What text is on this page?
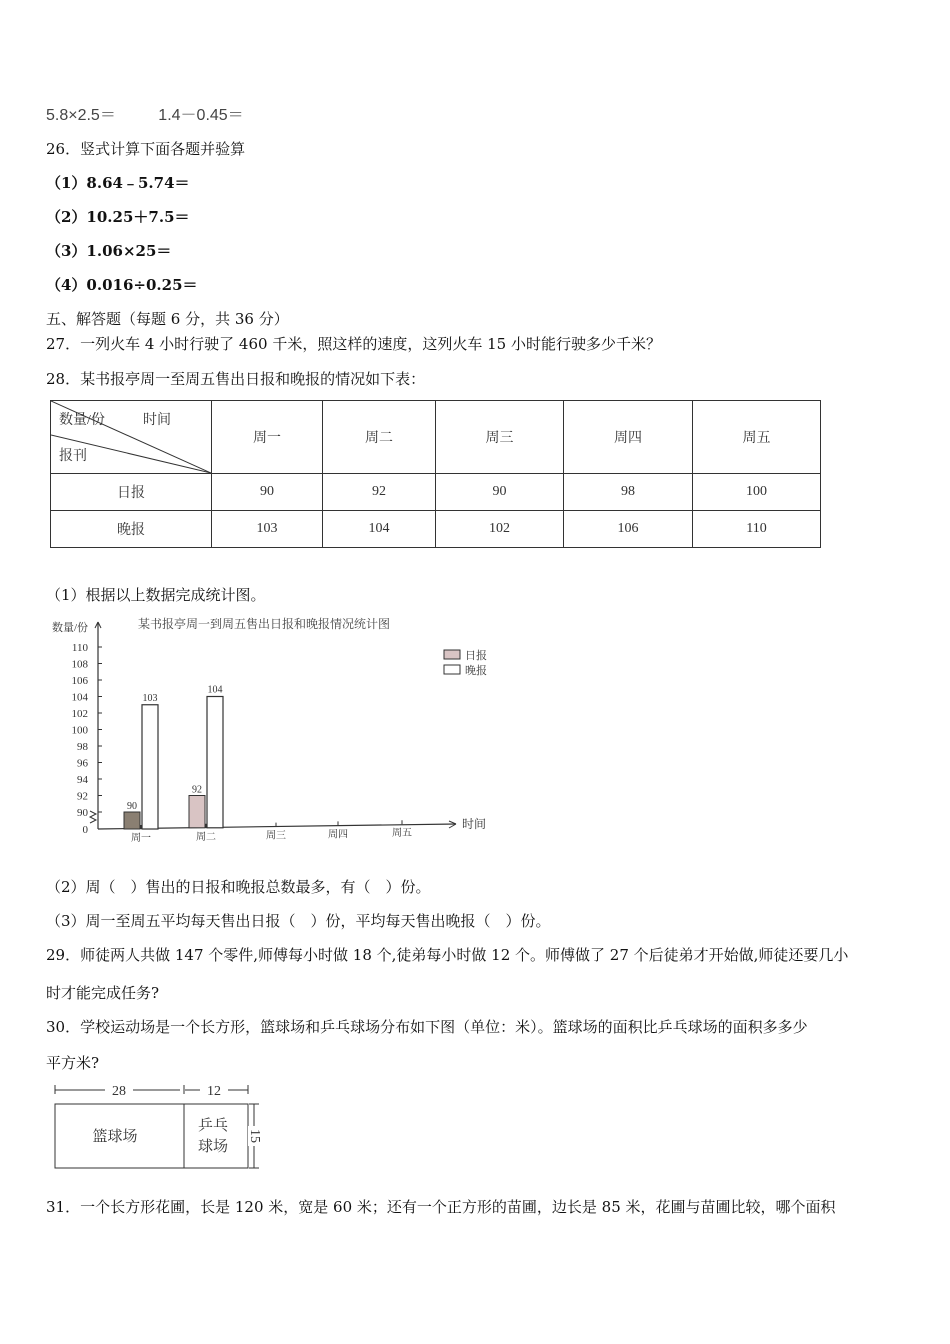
5.8×2.5＝	1.4－0.45＝
26．竖式计算下面各题并验算
（1）8.64﹣5.74＝
（2）10.25＋7.5＝
（3）1.06×25＝
（4）0.016÷0.25＝
五、解答题（每题 6 分，共 36 分）
27．一列火车 4 小时行驶了 460 千米，照这样的速度，这列火车 15 小时能行驶多少千米？
28．某书报亭周一至周五售出日报和晚报的情况如下表：
数量/份 时间
报刊	周一	周二	周三	周四	周五
日报	90	92	90	98	100
晚报	103	104	102	106	110
（1）根据以上数据完成统计图。
数量/份	某书报亭周一到周五售出日报和晚报情况统计图
0
90
92
94
96
98
100
102
104
106
108
110
时间
周一	周二	周三	周四	周五
90
103
92
104
日报
晚报
（2）周（　）售出的日报和晚报总数最多，有（　）份。
（3）周一至周五平均每天售出日报（　）份，平均每天售出晚报（　）份。
29．师徒两人共做 147 个零件,师傅每小时做 18 个,徒弟每小时做 12 个。师傅做了 27 个后徒弟才开始做,师徒还要几小
时才能完成任务?
30．学校运动场是一个长方形，篮球场和乒乓球场分布如下图（单位：米）。篮球场的面积比乒乓球场的面积多多少
平方米?
28	12
篮球场
乒乓
球场
15
31．一个长方形花圃，长是 120 米，宽是 60 米；还有一个正方形的苗圃，边长是 85 米，花圃与苗圃比较，哪个面积
